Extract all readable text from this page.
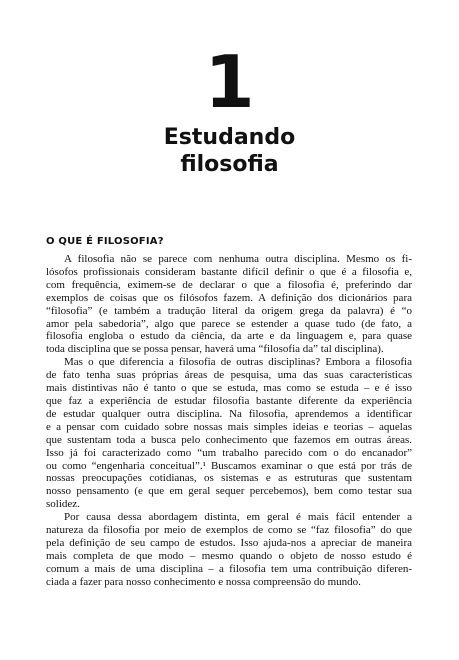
1
Estudando
filosofia
O QUE É FILOSOFIA?
A filosofia não se parece com nenhuma outra disciplina. Mesmo os fi-
lósofos profissionais consideram bastante difícil definir o que é a filosofia e,
com frequência, eximem-se de declarar o que a filosofia é, preferindo dar
exemplos de coisas que os filósofos fazem. A definição dos dicionários para
“filosofia” (e também a tradução literal da origem grega da palavra) é “o
amor pela sabedoria”, algo que parece se estender a quase tudo (de fato, a
filosofia engloba o estudo da ciência, da arte e da linguagem e, para quase
toda disciplina que se possa pensar, haverá uma “filosofia da” tal disciplina).
Mas o que diferencia a filosofia de outras disciplinas? Embora a filosofia
de fato tenha suas próprias áreas de pesquisa, uma das suas características
mais distintivas não é tanto o que se estuda, mas como se estuda – e é isso
que faz a experiência de estudar filosofia bastante diferente da experiência
de estudar qualquer outra disciplina. Na filosofia, aprendemos a identificar
e a pensar com cuidado sobre nossas mais simples ideias e teorias – aquelas
que sustentam toda a busca pelo conhecimento que fazemos em outras áreas.
Isso já foi caracterizado como “um trabalho parecido com o do encanador”
ou como “engenharia conceitual”.¹ Buscamos examinar o que está por trás de
nossas preocupações cotidianas, os sistemas e as estruturas que sustentam
nosso pensamento (e que em geral sequer percebemos), bem como testar sua
solidez.
Por causa dessa abordagem distinta, em geral é mais fácil entender a
natureza da filosofia por meio de exemplos de como se “faz filosofia” do que
pela definição de seu campo de estudos. Isso ajuda-nos a apreciar de maneira
mais completa de que modo – mesmo quando o objeto de nosso estudo é
comum a mais de uma disciplina – a filosofia tem uma contribuição diferen-
ciada a fazer para nosso conhecimento e nossa compreensão do mundo.
